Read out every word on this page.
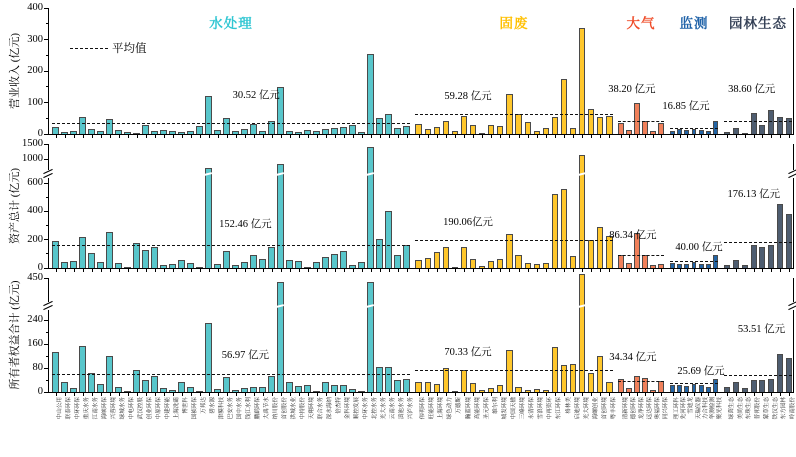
平均值
0
100
200
300
400
30.52 亿元
水处理
59.28 亿元
固废
38.20 亿元
大气
16.85 亿元
监测
38.60 亿元
园林生态
营业收入 (亿元)
0
200
400
600
1000
1500
152.46 亿元	190.06亿元
86.34 亿元
40.00 亿元
176.13 亿元
资产总计 (亿元)
0
80
160
240
450
56.97 亿元	70.33 亿元	34.34 亿元
25.69 亿元
53.51 亿元
所有者权益合计 (亿元)
中山公用 联泰环保 中环环保 重庆水务 江南水务 海峡环保 兴蓉环境 绿城水务 中电环保 武汉控股 创业环保 中原环保 中建环能 上海洗霸 博世科 国祯环保 万邦达 碧水源 津膜科技 巴安水务 国中水务 钱江水利 鹏鹞环保 大禹节水 纳川股份 首创股份 洪城水业 中持股份 天翔环境 联合水务 深水海纳 倍杰特 金科环境 顺控发展 中环水务 北控水务 光大水务 云南水务 滇池水务 兴泸水务 伟明环保 旺能环境 上海环境 绿色动力 万德斯 瀚蓝环境 高能环境 圣元环保 维尔利 城发环境 中国天楹 三峰环境 永清环保 雪浪环境 中再资环 东江环保 格林美 启迪环境 光大环境 海螺创业 首创环境 粤丰环保 清新环境 德创环保 龙净环保 远达环保 奥福环保 同兴环保 理工环科 先河环保 雪迪龙 天瑞仪器 力合科技 华测检测 聚光科技 绿茵生态 美尚生态 东珠生态 普邦股份 蒙草生态 铁汉生态 东方园林 岭南股份
